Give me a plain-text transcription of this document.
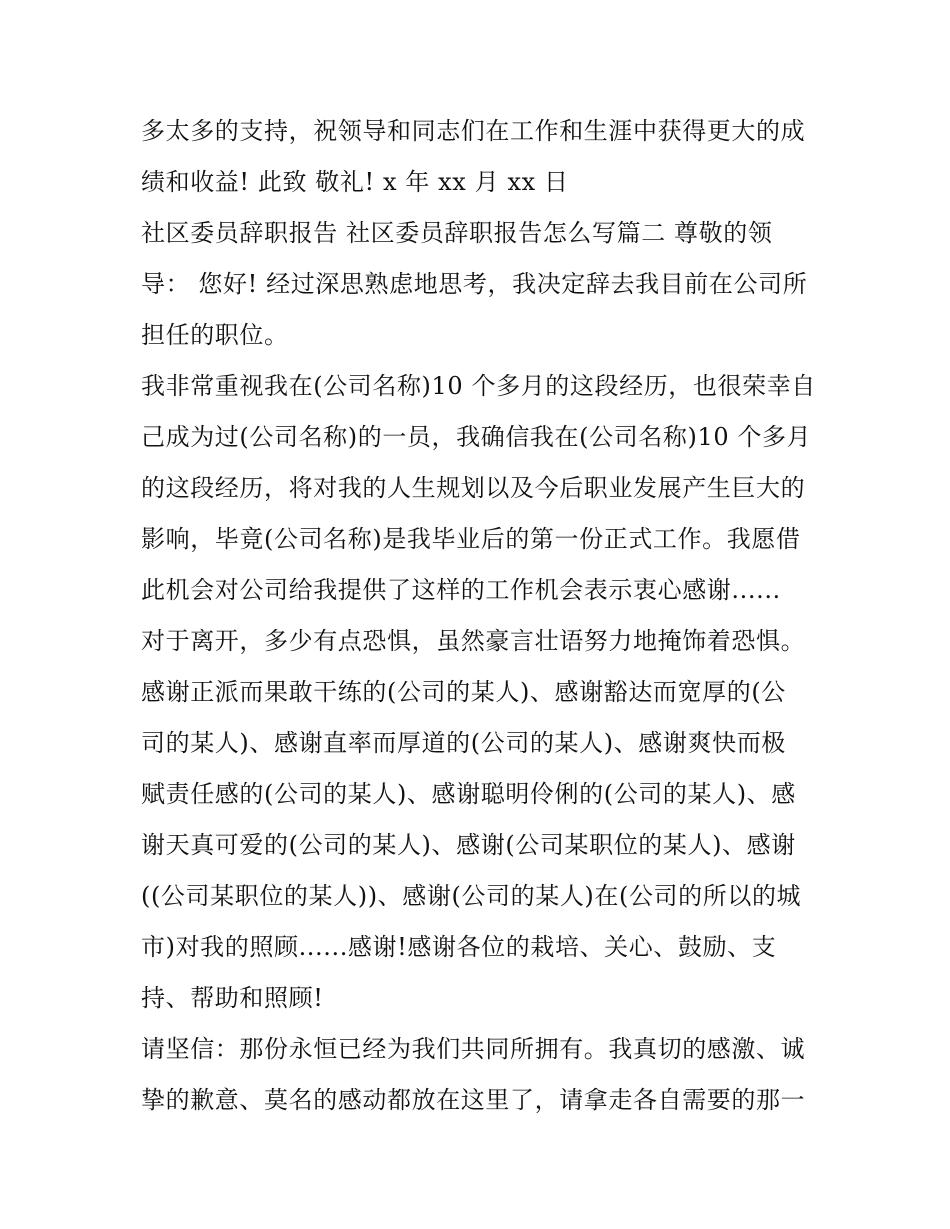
多太多的支持，祝领导和同志们在工作和生涯中获得更大的成
绩和收益! 此致 敬礼! x 年 xx 月 xx 日
社区委员辞职报告 社区委员辞职报告怎么写篇二 尊敬的领
导： 您好! 经过深思熟虑地思考，我决定辞去我目前在公司所
担任的职位。
我非常重视我在(公司名称)10 个多月的这段经历，也很荣幸自
己成为过(公司名称)的一员，我确信我在(公司名称)10 个多月
的这段经历，将对我的人生规划以及今后职业发展产生巨大的
影响，毕竟(公司名称)是我毕业后的第一份正式工作。我愿借
此机会对公司给我提供了这样的工作机会表示衷心感谢......
对于离开，多少有点恐惧，虽然豪言壮语努力地掩饰着恐惧。
感谢正派而果敢干练的(公司的某人)、感谢豁达而宽厚的(公
司的某人)、感谢直率而厚道的(公司的某人)、感谢爽快而极
赋责任感的(公司的某人)、感谢聪明伶俐的(公司的某人)、感
谢天真可爱的(公司的某人)、感谢(公司某职位的某人)、感谢
((公司某职位的某人))、感谢(公司的某人)在(公司的所以的城
市)对我的照顾......感谢!感谢各位的栽培、关心、鼓励、支
持、帮助和照顾!
请坚信：那份永恒已经为我们共同所拥有。我真切的感激、诚
挚的歉意、莫名的感动都放在这里了，请拿走各自需要的那一
